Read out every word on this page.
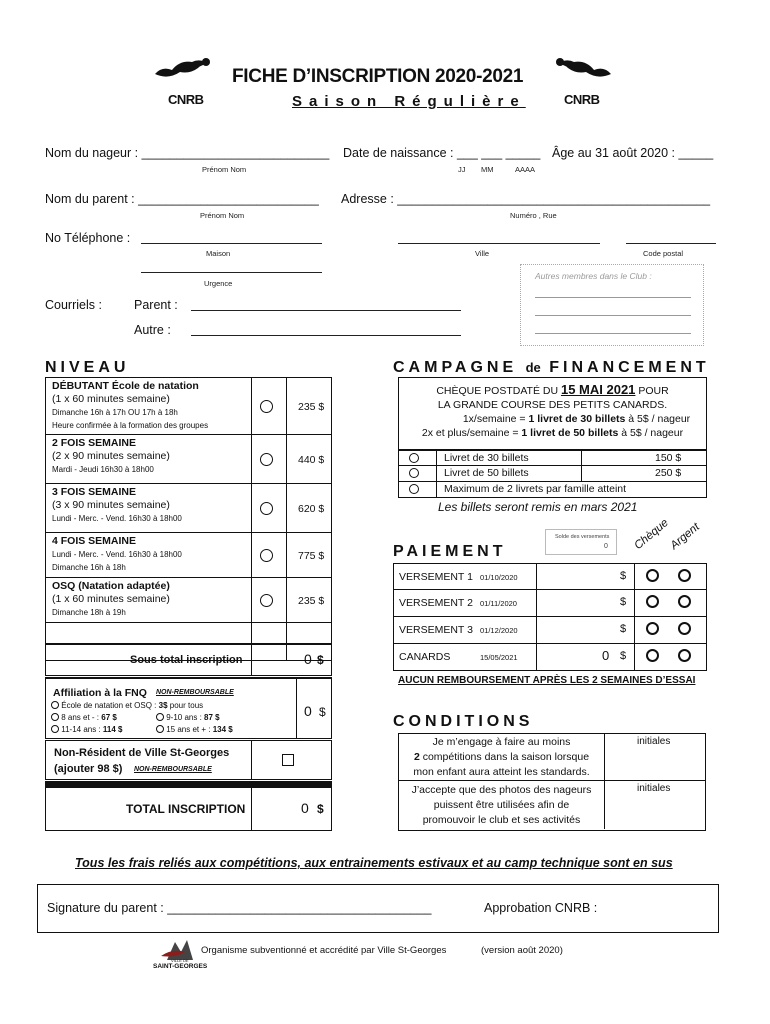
CNRB	CNRB
FICHE D’INSCRIPTION 2020-2021
Saison Régulière
Nom du nageur : ___________________________
Prénom Nom
Date de naissance : ___ ___ _____
JJ MM	AAAA
Âge au 31 août 2020 : _____
Nom du parent : __________________________
Prénom Nom
Adresse : _____________________________________________
Numéro , Rue
No Téléphone :
Maison	Ville	Code postal
Urgence
Autres membres dans le Club :
Courriels :	Parent :
Autre :
NIVEAU
DÉBUTANT École de natation
(1 x 60 minutes semaine)
Dimanche 16h à 17h OU 17h à 18h
Heure confirmée à la formation des groupes
235 $
2 FOIS SEMAINE
(2 x 90 minutes semaine)
Mardi - Jeudi 16h30 à 18h00
440 $
3 FOIS SEMAINE
(3 x 90 minutes semaine)
Lundi - Merc. - Vend. 16h30 à 18h00
620 $
4 FOIS SEMAINE
Lundi - Merc. - Vend. 16h30 à 18h00
Dimanche 16h à 18h
775 $
OSQ (Natation adaptée)
(1 x 60 minutes semaine)
Dimanche 18h à 19h
235 $
Sous total inscription	0 $
Affiliation à la FNQ NON-REMBOURSABLE
École de natation et OSQ : 3$ pour tous
8 ans et - : 67 $	9-10 ans : 87 $
11-14 ans : 114 $	15 ans et + : 134 $
0 $
Non-Résident de Ville St-Georges
(ajouter 98 $) NON-REMBOURSABLE
TOTAL INSCRIPTION	0 $
CAMPAGNE de FINANCEMENT
CHÈQUE POSTDATÉ DU 15 MAI 2021 POUR
LA GRANDE COURSE DES PETITS CANARDS.
1x/semaine = 1 livret de 30 billets à 5$ / nageur
2x et plus/semaine = 1 livret de 50 billets à 5$ / nageur
Livret de 30 billets	150 $
Livret de 50 billets	250 $
Maximum de 2 livrets par famille atteint
Les billets seront remis en mars 2021
PAIEMENT
Solde des versements
0 Chèque
Argent
VERSEMENT 1 01/10/2020	$
VERSEMENT 2 01/11/2020	$
VERSEMENT 3 01/12/2020	$
CANARDS	15/05/2021	0 $
AUCUN REMBOURSEMENT APRÈS LES 2 SEMAINES D’ESSAI
CONDITIONS
Je m’engage à faire au moins
2 compétitions dans la saison lorsque
mon enfant aura atteint les standards.
initiales
J’accepte que des photos des nageurs
puissent être utilisées afin de
promouvoir le club et ses activités
initiales
Tous les frais reliés aux compétitions, aux entrainements estivaux et au camp technique sont en sus
Signature du parent : ______________________________________	Approbation CNRB :
VILLE DE
SAINT-GEORGES
Organisme subventionné et accrédité par Ville St-Georges	(version août 2020)
